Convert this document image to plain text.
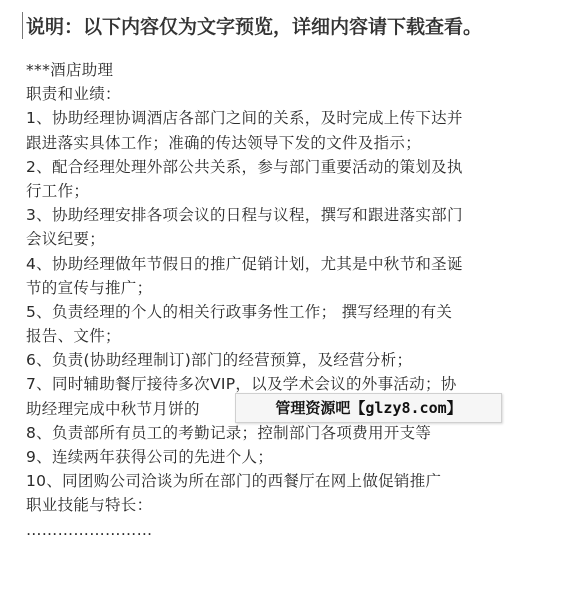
说明：以下内容仅为文字预览，详细内容请下载查看。
***酒店助理
职责和业绩：
1、协助经理协调酒店各部门之间的关系，及时完成上传下达并
跟进落实具体工作；准确的传达领导下发的文件及指示；
2、配合经理处理外部公共关系，参与部门重要活动的策划及执
行工作；
3、协助经理安排各项会议的日程与议程，撰写和跟进落实部门
会议纪要；
4、协助经理做年节假日的推广促销计划，尤其是中秋节和圣诞
节的宣传与推广；
5、负责经理的个人的相关行政事务性工作； 撰写经理的有关
报告、文件；
6、负责(协助经理制订)部门的经营预算，及经营分析；
7、同时辅助餐厅接待多次VIP，以及学术会议的外事活动；协
助经理完成中秋节月饼的
8、负责部所有员工的考勤记录；控制部门各项费用开支等
9、连续两年获得公司的先进个人；
10、同团购公司洽谈为所在部门的西餐厅在网上做促销推广
职业技能与特长：
……………………
管理资源吧【glzy8.com】
